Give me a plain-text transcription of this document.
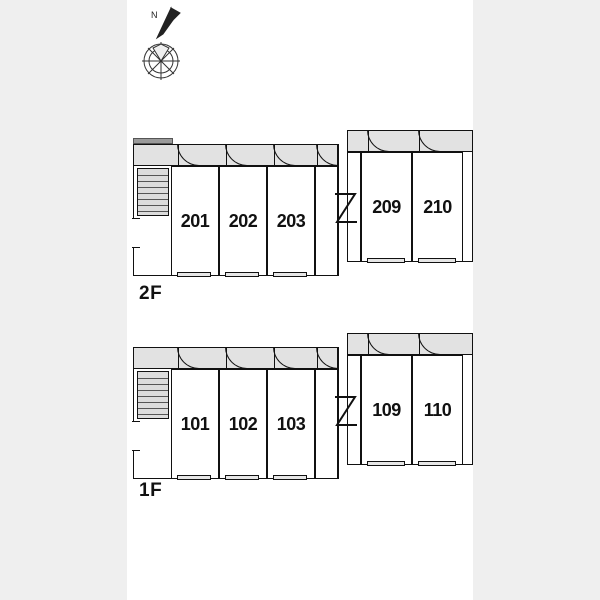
N
201 202 203
209 210
2F
101 102 103
109 110
1F
